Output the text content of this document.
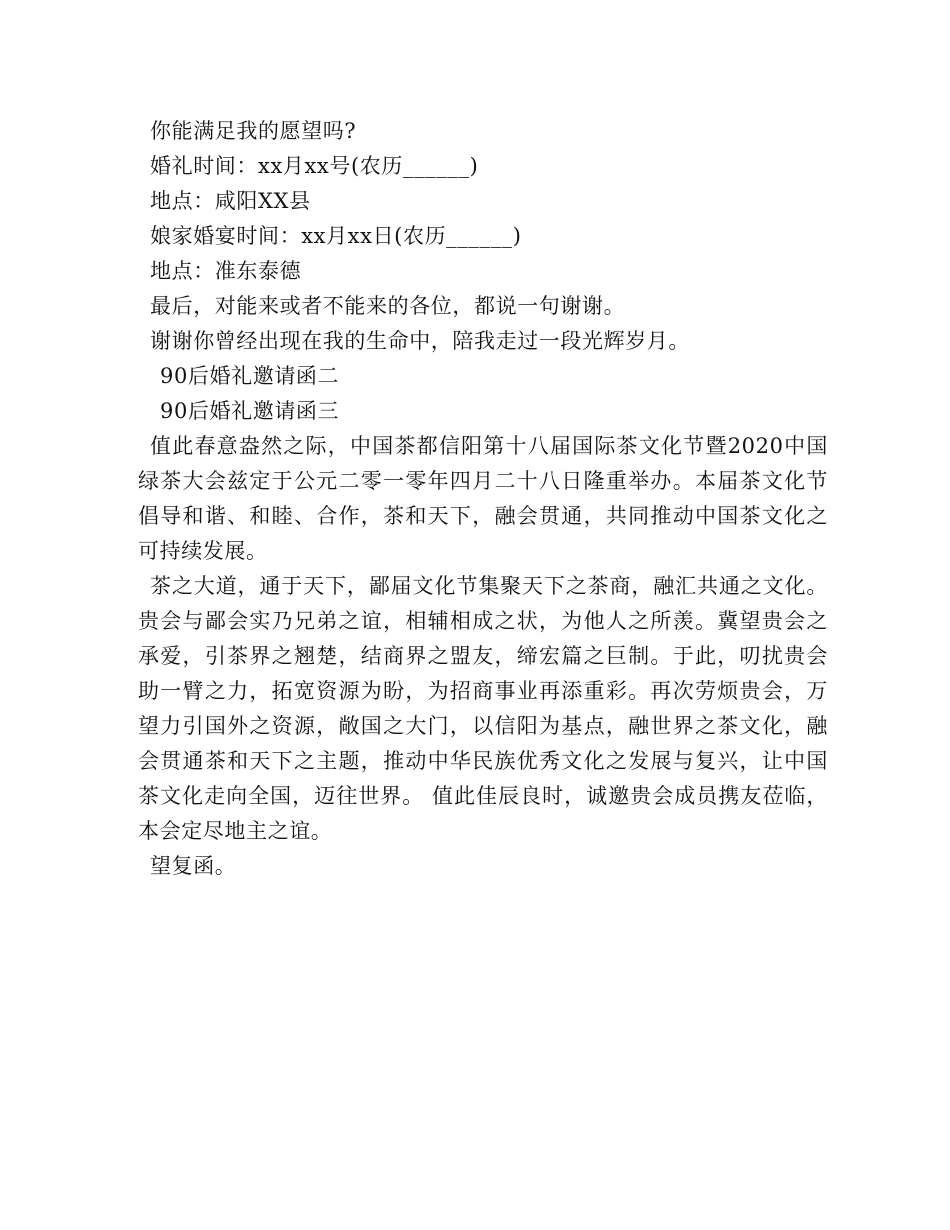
你能满足我的愿望吗?

婚礼时间：xx月xx号(农历______)

地点：咸阳XX县

娘家婚宴时间：xx月xx日(农历______)

地点：准东泰德

最后，对能来或者不能来的各位，都说一句谢谢。

谢谢你曾经出现在我的生命中，陪我走过一段光辉岁月。

90后婚礼邀请函二

90后婚礼邀请函三

值此春意盎然之际，中国茶都信阳第十八届国际茶文化节暨2020中国绿茶大会兹定于公元二零一零年四月二十八日隆重举办。本届茶文化节倡导和谐、和睦、合作，茶和天下，融会贯通，共同推动中国茶文化之可持续发展。

茶之大道，通于天下，鄙届文化节集聚天下之茶商，融汇共通之文化。贵会与鄙会实乃兄弟之谊，相辅相成之状，为他人之所羡。冀望贵会之承爱，引茶界之翘楚，结商界之盟友，缔宏篇之巨制。于此，叨扰贵会助一臂之力，拓宽资源为盼，为招商事业再添重彩。再次劳烦贵会，万望力引国外之资源，敞国之大门，以信阳为基点，融世界之茶文化，融会贯通茶和天下之主题，推动中华民族优秀文化之发展与复兴，让中国茶文化走向全国，迈往世界。 值此佳辰良时，诚邀贵会成员携友莅临，本会定尽地主之谊。

望复函。
